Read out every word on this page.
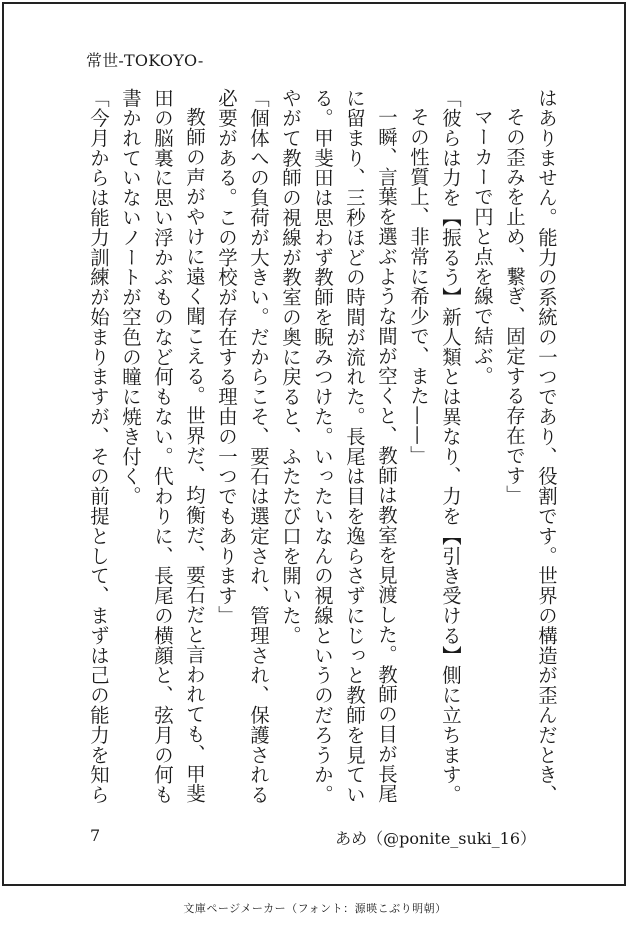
常世-TOKOYO-

はありません。能力の系統の一つであり、役割です。世界の構造が歪んだとき、

その歪みを止め、繋ぎ、固定する存在です」

マーカーで円と点を線で結ぶ。

「彼らは力を【振るう】新人類とは異なり、力を【引き受ける】側に立ちます。

その性質上、非常に希少で、また——」

一瞬、言葉を選ぶような間が空くと、教師は教室を見渡した。教師の目が長尾に留まり、三秒ほどの時間が流れた。長尾は目を逸らさずにじっと教師を見ている。甲斐田は思わず教師を睨みつけた。いったいなんの視線というのだろうか。やがて教師の視線が教室の奥に戻ると、ふたたび口を開いた。

「個体への負荷が大きい。だからこそ、要石は選定され、管理され、保護される必要がある。この学校が存在する理由の一つでもあります」

教師の声がやけに遠く聞こえる。世界だ、均衡だ、要石だと言われても、甲斐田の脳裏に思い浮かぶものなど何もない。代わりに、長尾の横顔と、弦月の何も書かれていないノートが空色の瞳に焼き付く。

「今月からは能力訓練が始まりますが、その前提として、まずは己の能力を知ら

7	あめ（@ponite_suki_16）
文庫ページメーカー（フォント：源暎こぶり明朝）
